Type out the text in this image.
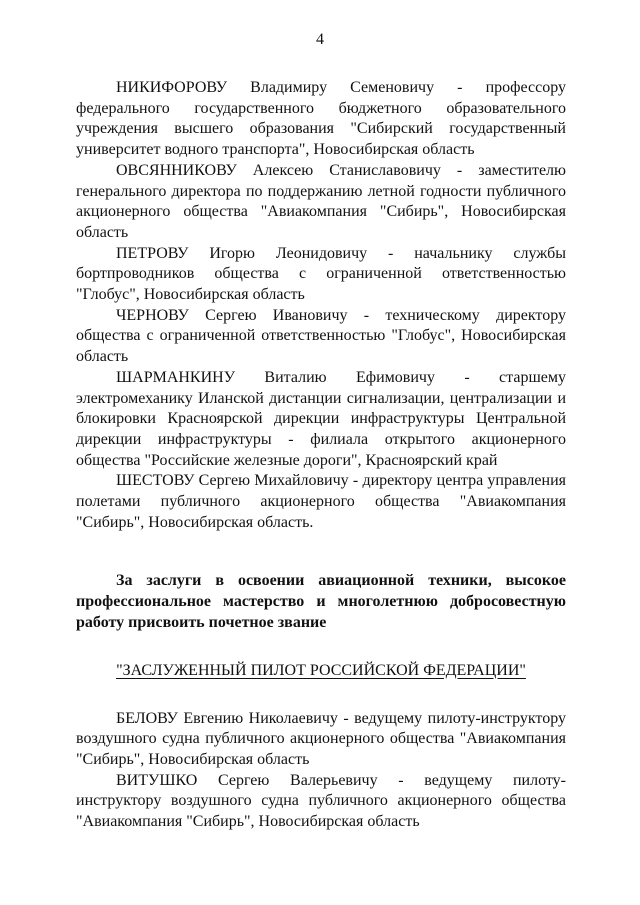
4

НИКИФОРОВУ Владимиру Семеновичу - профессору федерального государственного бюджетного образовательного учреждения высшего образования "Сибирский государственный университет водного транспорта", Новосибирская область

ОВСЯННИКОВУ Алексею Станиславовичу - заместителю генерального директора по поддержанию летной годности публичного акционерного общества "Авиакомпания "Сибирь", Новосибирская область

ПЕТРОВУ Игорю Леонидовичу - начальнику службы бортпроводников общества с ограниченной ответственностью "Глобус", Новосибирская область

ЧЕРНОВУ Сергею Ивановичу - техническому директору общества с ограниченной ответственностью "Глобус", Новосибирская область

ШАРМАНКИНУ Виталию Ефимовичу - старшему электромеханику Иланской дистанции сигнализации, централизации и блокировки Красноярской дирекции инфраструктуры Центральной дирекции инфраструктуры - филиала открытого акционерного общества "Российские железные дороги", Красноярский край

ШЕСТОВУ Сергею Михайловичу - директору центра управления полетами публичного акционерного общества "Авиакомпания "Сибирь", Новосибирская область.

За заслуги в освоении авиационной техники, высокое профессиональное мастерство и многолетнюю добросовестную работу присвоить почетное звание

"ЗАСЛУЖЕННЫЙ ПИЛОТ РОССИЙСКОЙ ФЕДЕРАЦИИ"

БЕЛОВУ Евгению Николаевичу - ведущему пилоту-инструктору воздушного судна публичного акционерного общества "Авиакомпания "Сибирь", Новосибирская область

ВИТУШКО Сергею Валерьевичу - ведущему пилоту-инструктору воздушного судна публичного акционерного общества "Авиакомпания "Сибирь", Новосибирская область
